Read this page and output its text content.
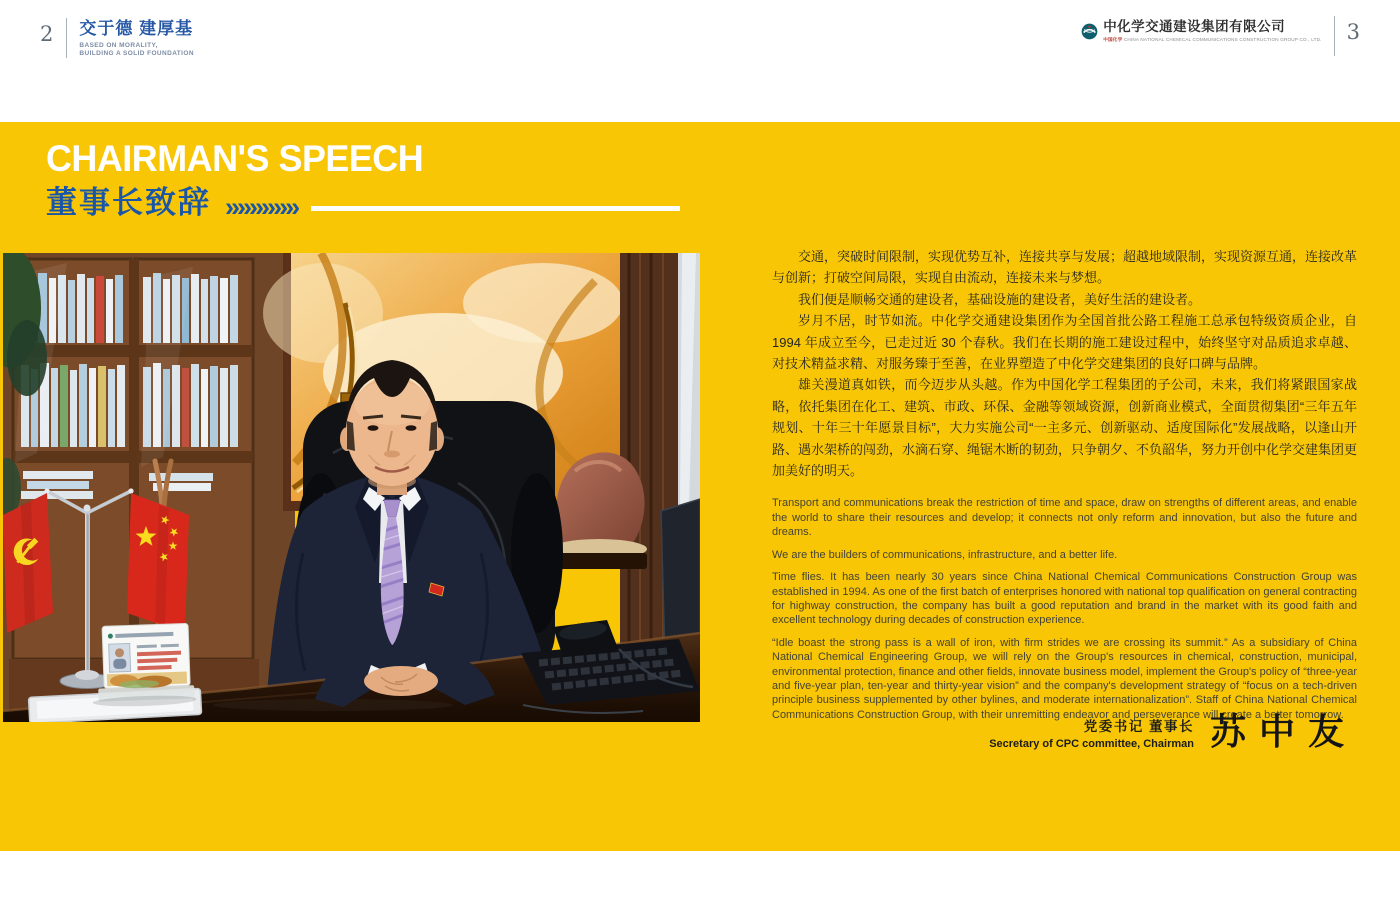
2 交于德 建厚基
BASED ON MORALITY,
BUILDING A SOLID FOUNDATION
中化学交通建设集团有限公司
中国化学 CHINA NATIONAL CHEMICAL COMMUNICATIONS CONSTRUCTION GROUP CO., LTD. 3
CHAIRMAN'S SPEECH
董事长致辞 »»»»»»

交通，突破时间限制，实现优势互补，连接共享与发展；超越地域限制，实现资源互通，连接改革与创新；打破空间局限，实现自由流动，连接未来与梦想。

我们便是顺畅交通的建设者，基础设施的建设者，美好生活的建设者。

岁月不居，时节如流。中化学交通建设集团作为全国首批公路工程施工总承包特级资质企业，自 1994 年成立至今，已走过近 30 个春秋。我们在长期的施工建设过程中，始终坚守对品质追求卓越、对技术精益求精、对服务臻于至善，在业界塑造了中化学交建集团的良好口碑与品牌。

雄关漫道真如铁，而今迈步从头越。作为中国化学工程集团的子公司，未来，我们将紧跟国家战略，依托集团在化工、建筑、市政、环保、金融等领域资源，创新商业模式，全面贯彻集团“三年五年规划、十年三十年愿景目标”，大力实施公司“一主多元、创新驱动、适度国际化”发展战略，以逢山开路、遇水架桥的闯劲，水滴石穿、绳锯木断的韧劲，只争朝夕、不负韶华，努力开创中化学交建集团更加美好的明天。

Transport and communications break the restriction of time and space, draw on strengths of different areas, and enable the world to share their resources and develop; it connects not only reform and innovation, but also the future and dreams.

We are the builders of communications, infrastructure, and a better life.

Time flies. It has been nearly 30 years since China National Chemical Communications Construction Group was established in 1994. As one of the first batch of enterprises honored with national top qualification on general contracting for highway construction, the company has built a good reputation and brand in the market with its good faith and excellent technology during decades of construction experience.

“Idle boast the strong pass is a wall of iron, with firm strides we are crossing its summit.” As a subsidiary of China National Chemical Engineering Group, we will rely on the Group's resources in chemical, construction, municipal, environmental protection, finance and other fields, innovate business model, implement the Group's policy of “three-year and five-year plan, ten-year and thirty-year vision” and the company's development strategy of “focus on a tech-driven principle business supplemented by other bylines, and moderate internationalization”. Staff of China National Chemical Communications Construction Group, with their unremitting endeavor and perseverance will create a better tomorrow.

党委书记 董事长
Secretary of CPC committee, Chairman 苏中友
